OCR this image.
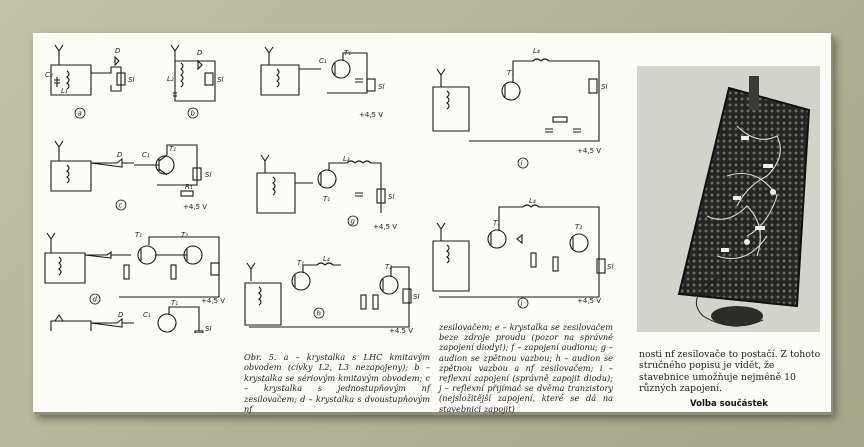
C₂
L₁
D
Sl
a
L₂
D
Sl
b
D	C₁
T₁
Sl
R₁
+4,5 V
c
T₁	T₂
+4,5 V
d
D	C₁
T₁
Sl
C₁
T₁
Sl
+4,5 V
L₃
T₁	Sl
+4,5 V
g
L₄
T₁	T₂
Sl
+4,5 V
h
L₄
T₁
Sl
+4,5 V
i
L₄
T₁	T₂
Sl
+4,5 V
j

Obr. 5. a – krystalka s LHC kmitavým obvodem (cívky L2, L3 nezapojeny); b – krystalka se sériovým kmitavým obvodem; c – krystalka s jednostupňovým nf zesilovačem; d – krystalka s dvoustupňovým nf

zesilovačem; e – krystalka se zesilovačem beze zdroje proudu (pozor na správné zapojení diody!); f – zapojení audionu; g – audion se zpětnou vazbou; h – audion se zpětnou vazbou a nf zesilovačem; i – reflexní zapojení (správně zapojit diodu); j – reflexní přijímač se dvěma tranzistory (nejsložitější zapojení, které se dá na stavebnici zapojit)

nosti nf zesilovače to postačí. Z tohoto stručného popisu je vidět, že stavebnice umožňuje nejméně 10 různých zapojení.

Volba součástek
